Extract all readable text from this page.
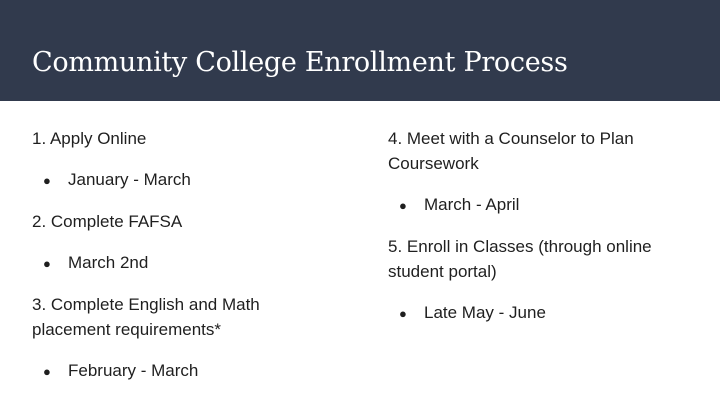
Community College Enrollment Process

1. Apply Online

●	January - March

2. Complete FAFSA

●	March 2nd

3. Complete English and Math placement requirements*

●	February - March

4. Meet with a Counselor to Plan Coursework

●	March - April

5. Enroll in Classes (through online student portal)

●	Late May - June
